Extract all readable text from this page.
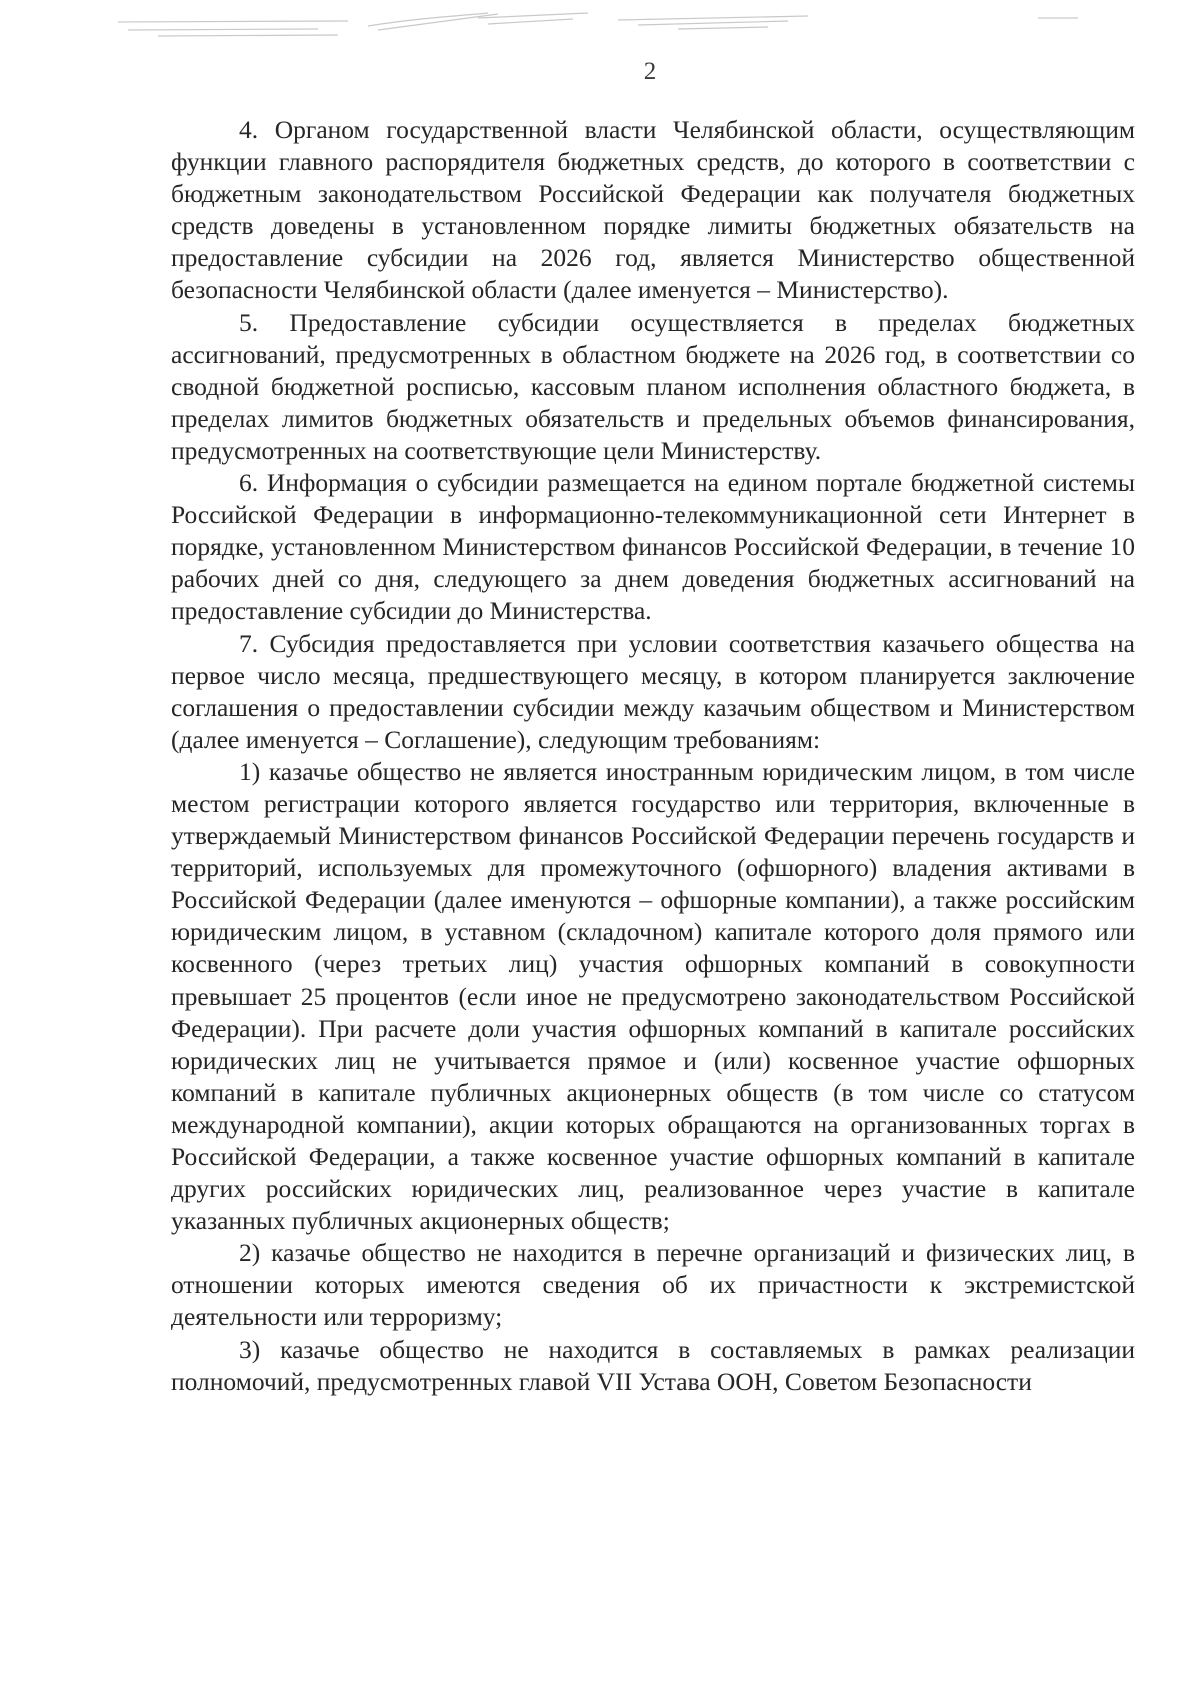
2

4. Органом государственной власти Челябинской области, осуществляющим функции главного распорядителя бюджетных средств, до которого в соответствии с бюджетным законодательством Российской Федерации как получателя бюджетных средств доведены в установленном порядке лимиты бюджетных обязательств на предоставление субсидии на 2026 год, является Министерство общественной безопасности Челябинской области (далее именуется – Министерство).

5. Предоставление субсидии осуществляется в пределах бюджетных ассигнований, предусмотренных в областном бюджете на 2026 год, в соответствии со сводной бюджетной росписью, кассовым планом исполнения областного бюджета, в пределах лимитов бюджетных обязательств и предельных объемов финансирования, предусмотренных на соответствующие цели Министерству.

6. Информация о субсидии размещается на едином портале бюджетной системы Российской Федерации в информационно-телекоммуникационной сети Интернет в порядке, установленном Министерством финансов Российской Федерации, в течение 10 рабочих дней со дня, следующего за днем доведения бюджетных ассигнований на предоставление субсидии до Министерства.

7. Субсидия предоставляется при условии соответствия казачьего общества на первое число месяца, предшествующего месяцу, в котором планируется заключение соглашения о предоставлении субсидии между казачьим обществом и Министерством (далее именуется – Соглашение), следующим требованиям:

1) казачье общество не является иностранным юридическим лицом, в том числе местом регистрации которого является государство или территория, включенные в утверждаемый Министерством финансов Российской Федерации перечень государств и территорий, используемых для промежуточного (офшорного) владения активами в Российской Федерации (далее именуются – офшорные компании), а также российским юридическим лицом, в уставном (складочном) капитале которого доля прямого или косвенного (через третьих лиц) участия офшорных компаний в совокупности превышает 25 процентов (если иное не предусмотрено законодательством Российской Федерации). При расчете доли участия офшорных компаний в капитале российских юридических лиц не учитывается прямое и (или) косвенное участие офшорных компаний в капитале публичных акционерных обществ (в том числе со статусом международной компании), акции которых обращаются на организованных торгах в Российской Федерации, а также косвенное участие офшорных компаний в капитале других российских юридических лиц, реализованное через участие в капитале указанных публичных акционерных обществ;

2) казачье общество не находится в перечне организаций и физических лиц, в отношении которых имеются сведения об их причастности к экстремистской деятельности или терроризму;

3) казачье общество не находится в составляемых в рамках реализации полномочий, предусмотренных главой VII Устава ООН, Советом Безопасности
